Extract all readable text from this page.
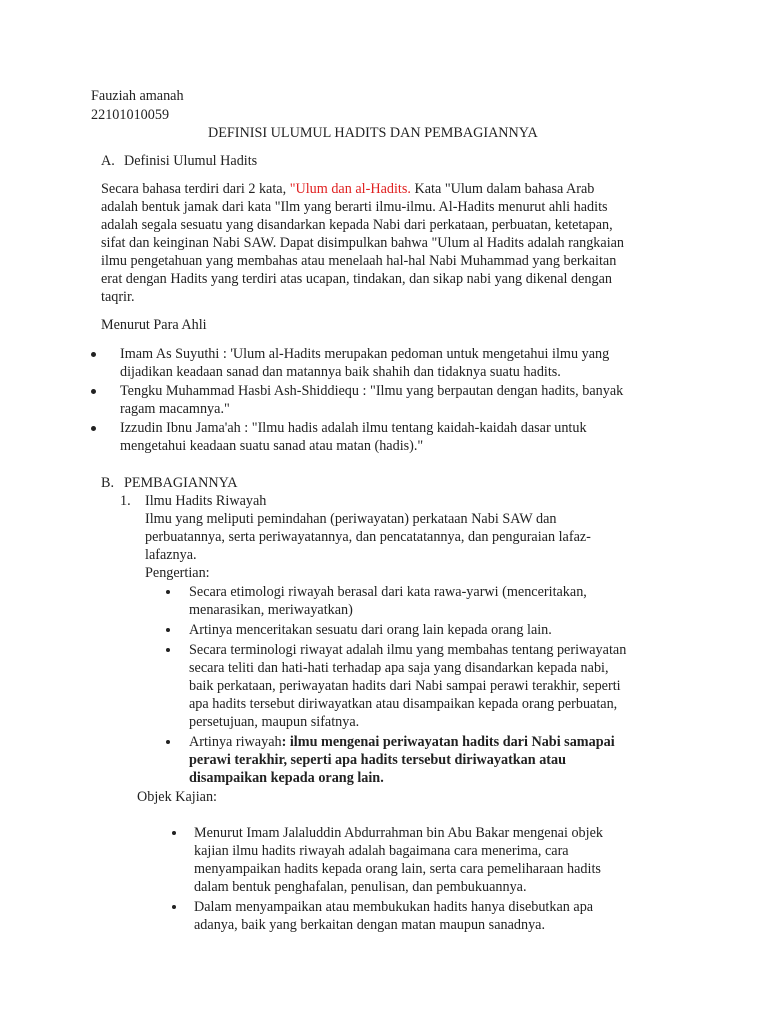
Fauziah amanah
22101010059
DEFINISI ULUMUL HADITS DAN PEMBAGIANNYA
A. Definisi Ulumul Hadits
Secara bahasa terdiri dari 2 kata, "Ulum dan al-Hadits. Kata "Ulum dalam bahasa Arab
adalah bentuk jamak dari kata "Ilm yang berarti ilmu-ilmu. Al-Hadits menurut ahli hadits
adalah segala sesuatu yang disandarkan kepada Nabi dari perkataan, perbuatan, ketetapan,
sifat dan keinginan Nabi SAW. Dapat disimpulkan bahwa "Ulum al Hadits adalah rangkaian
ilmu pengetahuan yang membahas atau menelaah hal-hal Nabi Muhammad yang berkaitan
erat dengan Hadits yang terdiri atas ucapan, tindakan, dan sikap nabi yang dikenal dengan
taqrir.
Menurut Para Ahli
Imam As Suyuthi : 'Ulum al-Hadits merupakan pedoman untuk mengetahui ilmu yang
dijadikan keadaan sanad dan matannya baik shahih dan tidaknya suatu hadits.
Tengku Muhammad Hasbi Ash-Shiddiequ : "Ilmu yang berpautan dengan hadits, banyak
ragam macamnya."
Izzudin Ibnu Jama'ah : "Ilmu hadis adalah ilmu tentang kaidah-kaidah dasar untuk
mengetahui keadaan suatu sanad atau matan (hadis)."
B. PEMBAGIANNYA
1. Ilmu Hadits Riwayah
Ilmu yang meliputi pemindahan (periwayatan) perkataan Nabi SAW dan
perbuatannya, serta periwayatannya, dan pencatatannya, dan penguraian lafaz-
lafaznya.
Pengertian:
Secara etimologi riwayah berasal dari kata rawa-yarwi (menceritakan,
menarasikan, meriwayatkan)
Artinya menceritakan sesuatu dari orang lain kepada orang lain.
Secara terminologi riwayat adalah ilmu yang membahas tentang periwayatan
secara teliti dan hati-hati terhadap apa saja yang disandarkan kepada nabi,
baik perkataan, periwayatan hadits dari Nabi sampai perawi terakhir, seperti
apa hadits tersebut diriwayatkan atau disampaikan kepada orang perbuatan,
persetujuan, maupun sifatnya.
Artinya riwayah: ilmu mengenai periwayatan hadits dari Nabi samapai
perawi terakhir, seperti apa hadits tersebut diriwayatkan atau
disampaikan kepada orang lain.
Objek Kajian:
Menurut Imam Jalaluddin Abdurrahman bin Abu Bakar mengenai objek
kajian ilmu hadits riwayah adalah bagaimana cara menerima, cara
menyampaikan hadits kepada orang lain, serta cara pemeliharaan hadits
dalam bentuk penghafalan, penulisan, dan pembukuannya.
Dalam menyampaikan atau membukukan hadits hanya disebutkan apa
adanya, baik yang berkaitan dengan matan maupun sanadnya.
